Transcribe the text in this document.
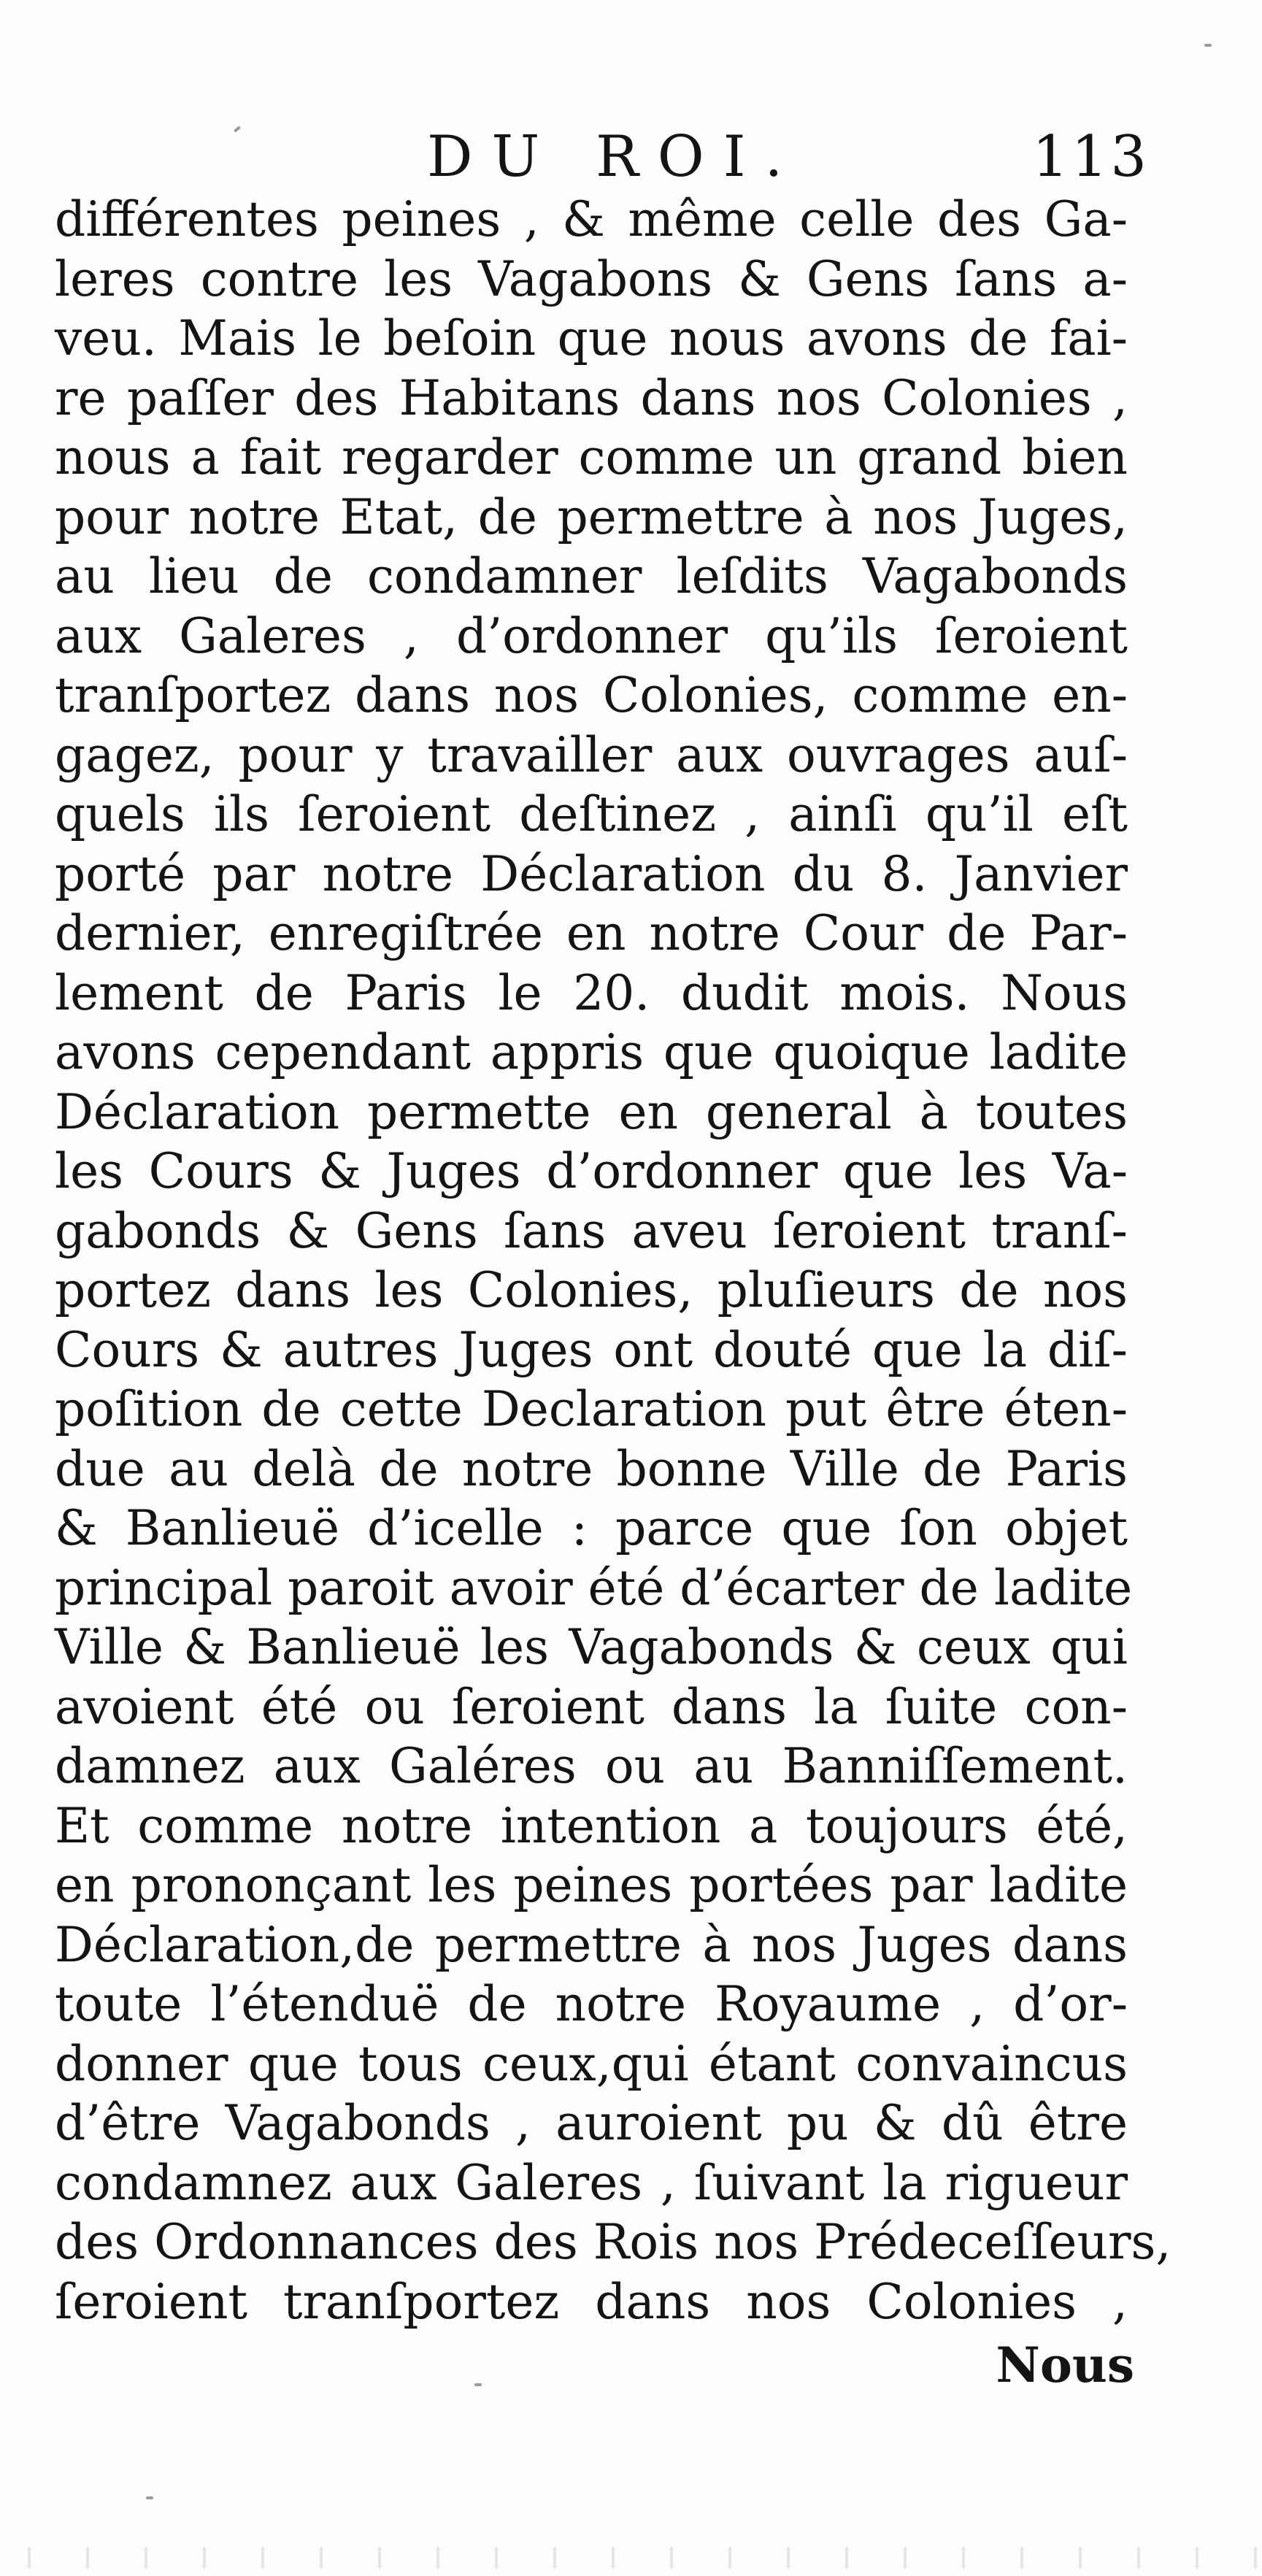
DU ROI.	113
différentes peines , & même celle des Ga-
leres contre les Vagabons & Gens ſans a-
veu. Mais le beſoin que nous avons de fai-
re paſſer des Habitans dans nos Colonies ,
nous a fait regarder comme un grand bien
pour notre Etat, de permettre à nos Juges,
au lieu de condamner leſdits Vagabonds
aux Galeres , d’ordonner qu’ils ſeroient
tranſportez dans nos Colonies, comme en-
gagez, pour y travailler aux ouvrages auſ-
quels ils ſeroient deſtinez , ainſi qu’il eſt
porté par notre Déclaration du 8. Janvier
dernier, enregiſtrée en notre Cour de Par-
lement de Paris le 20. dudit mois. Nous
avons cependant appris que quoique ladite
Déclaration permette en general à toutes
les Cours & Juges d’ordonner que les Va-
gabonds & Gens ſans aveu ſeroient tranſ-
portez dans les Colonies, pluſieurs de nos
Cours & autres Juges ont douté que la diſ-
poſition de cette Declaration put être éten-
due au delà de notre bonne Ville de Paris
& Banlieuë d’icelle : parce que ſon objet
principal paroit avoir été d’écarter de ladite
Ville & Banlieuë les Vagabonds & ceux qui
avoient été ou ſeroient dans la ſuite con-
damnez aux Galéres ou au Banniſſement.
Et comme notre intention a toujours été,
en prononçant les peines portées par ladite
Déclaration,de permettre à nos Juges dans
toute l’étenduë de notre Royaume , d’or-
donner que tous ceux,qui étant convaincus
d’être Vagabonds , auroient pu & dû être
condamnez aux Galeres , ſuivant la rigueur
des Ordonnances des Rois nos Prédeceſſeurs,
ſeroient tranſportez dans nos Colonies ,
Nous
